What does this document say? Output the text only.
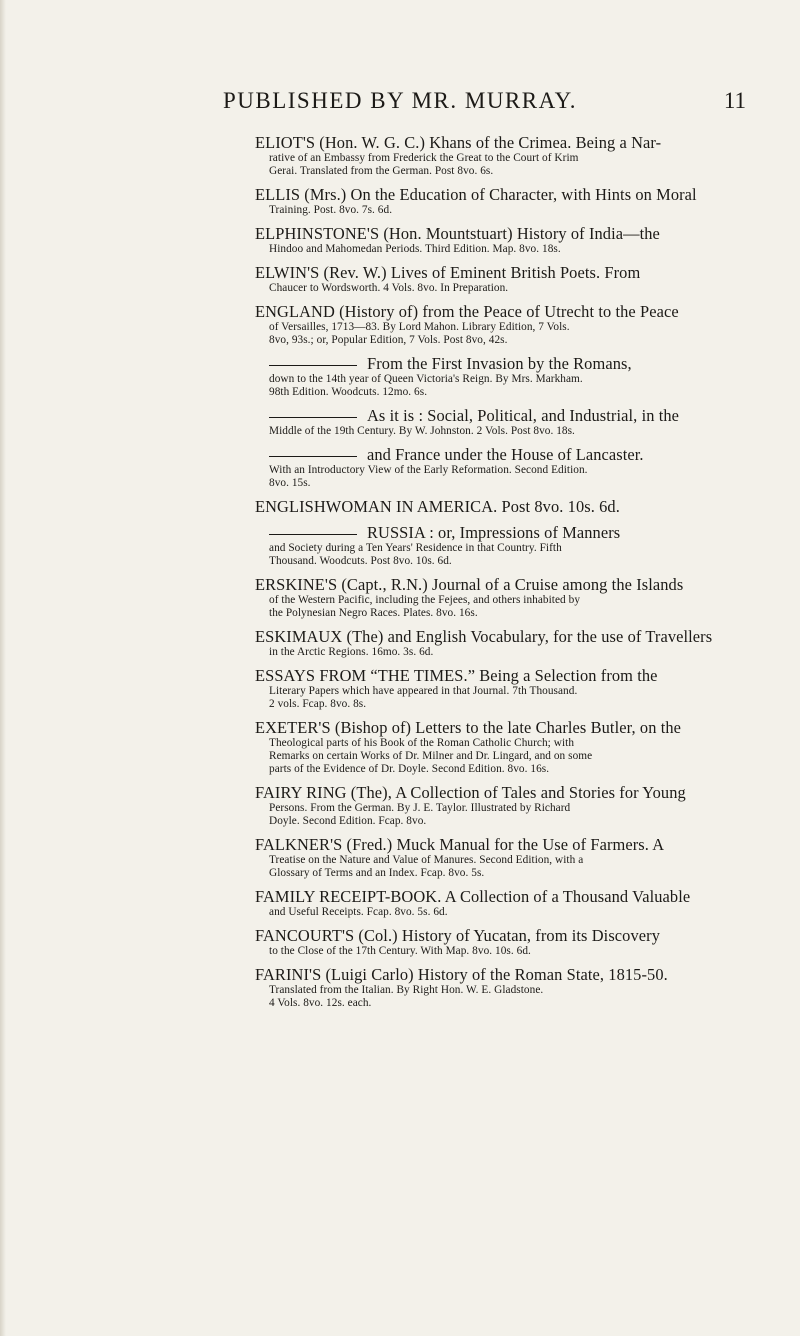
PUBLISHED BY MR. MURRAY.	11
ELIOT'S (Hon. W. G. C.) Khans of the Crimea. Being a Nar-
rative of an Embassy from Frederick the Great to the Court of Krim
Gerai. Translated from the German. Post 8vo. 6s.
ELLIS (Mrs.) On the Education of Character, with Hints on Moral
Training. Post. 8vo. 7s. 6d.
ELPHINSTONE'S (Hon. Mountstuart) History of India—the
Hindoo and Mahomedan Periods. Third Edition. Map. 8vo. 18s.
ELWIN'S (Rev. W.) Lives of Eminent British Poets. From
Chaucer to Wordsworth. 4 Vols. 8vo. In Preparation.
ENGLAND (History of) from the Peace of Utrecht to the Peace
of Versailles, 1713—83. By Lord Mahon. Library Edition, 7 Vols.
8vo, 93s.; or, Popular Edition, 7 Vols. Post 8vo, 42s.
From the First Invasion by the Romans,
down to the 14th year of Queen Victoria's Reign. By Mrs. Markham.
98th Edition. Woodcuts. 12mo. 6s.
As it is : Social, Political, and Industrial, in the
Middle of the 19th Century. By W. Johnston. 2 Vols. Post 8vo. 18s.
and France under the House of Lancaster.
With an Introductory View of the Early Reformation. Second Edition.
8vo. 15s.
ENGLISHWOMAN IN AMERICA. Post 8vo. 10s. 6d.
RUSSIA : or, Impressions of Manners
and Society during a Ten Years' Residence in that Country. Fifth
Thousand. Woodcuts. Post 8vo. 10s. 6d.
ERSKINE'S (Capt., R.N.) Journal of a Cruise among the Islands
of the Western Pacific, including the Fejees, and others inhabited by
the Polynesian Negro Races. Plates. 8vo. 16s.
ESKIMAUX (The) and English Vocabulary, for the use of Travellers
in the Arctic Regions. 16mo. 3s. 6d.
ESSAYS FROM “THE TIMES.” Being a Selection from the
Literary Papers which have appeared in that Journal. 7th Thousand.
2 vols. Fcap. 8vo. 8s.
EXETER'S (Bishop of) Letters to the late Charles Butler, on the
Theological parts of his Book of the Roman Catholic Church; with
Remarks on certain Works of Dr. Milner and Dr. Lingard, and on some
parts of the Evidence of Dr. Doyle. Second Edition. 8vo. 16s.
FAIRY RING (The), A Collection of Tales and Stories for Young
Persons. From the German. By J. E. Taylor. Illustrated by Richard
Doyle. Second Edition. Fcap. 8vo.
FALKNER'S (Fred.) Muck Manual for the Use of Farmers. A
Treatise on the Nature and Value of Manures. Second Edition, with a
Glossary of Terms and an Index. Fcap. 8vo. 5s.
FAMILY RECEIPT-BOOK. A Collection of a Thousand Valuable
and Useful Receipts. Fcap. 8vo. 5s. 6d.
FANCOURT'S (Col.) History of Yucatan, from its Discovery
to the Close of the 17th Century. With Map. 8vo. 10s. 6d.
FARINI'S (Luigi Carlo) History of the Roman State, 1815-50.
Translated from the Italian. By Right Hon. W. E. Gladstone.
4 Vols. 8vo. 12s. each.
